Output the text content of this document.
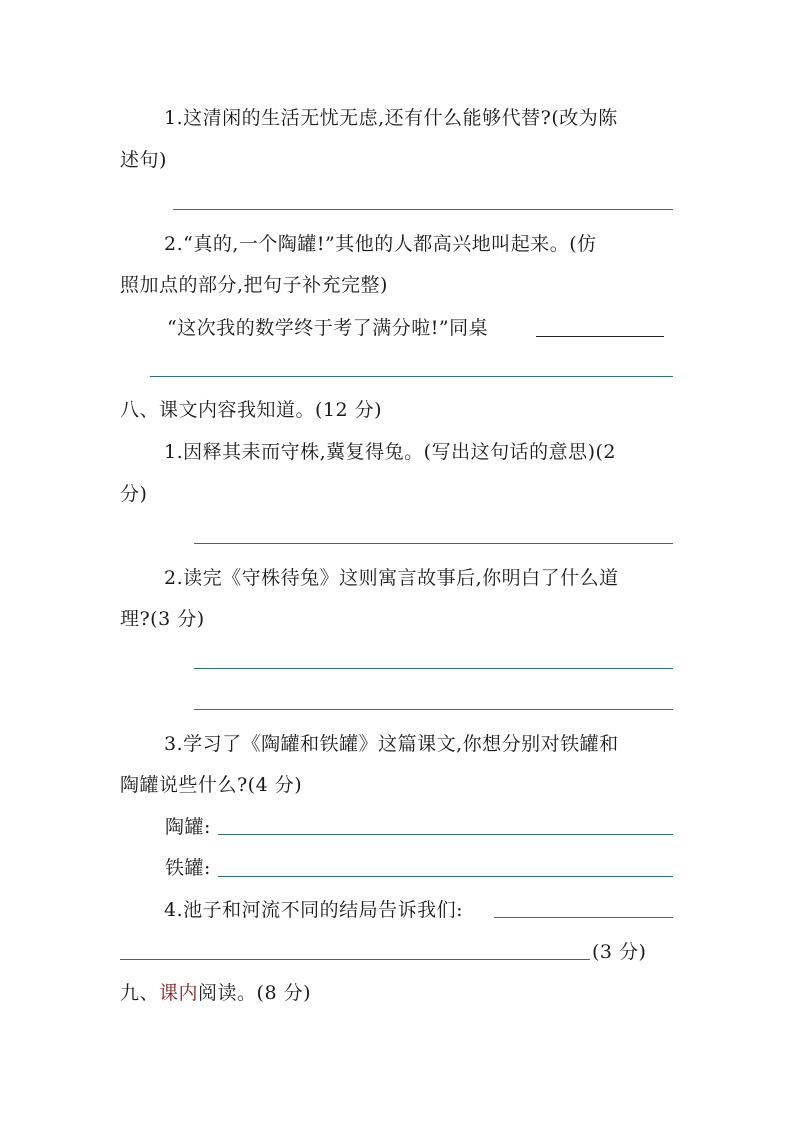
1.这清闲的生活无忧无虑,还有什么能够代替?(改为陈
述句)
2.“真的,一个陶罐!”其他的人都高兴地叫起来。(仿
照加点的部分,把句子补充完整)
“这次我的数学终于考了满分啦!”同桌
八、课文内容我知道。(12 分)
1.因释其耒而守株,冀复得兔。(写出这句话的意思)(2
分)
2.读完《守株待兔》这则寓言故事后,你明白了什么道
理?(3 分)
3.学习了《陶罐和铁罐》这篇课文,你想分别对铁罐和
陶罐说些什么?(4 分)
陶罐:
铁罐:
4.池子和河流不同的结局告诉我们:
(3 分)
九、课内阅读。(8 分)
